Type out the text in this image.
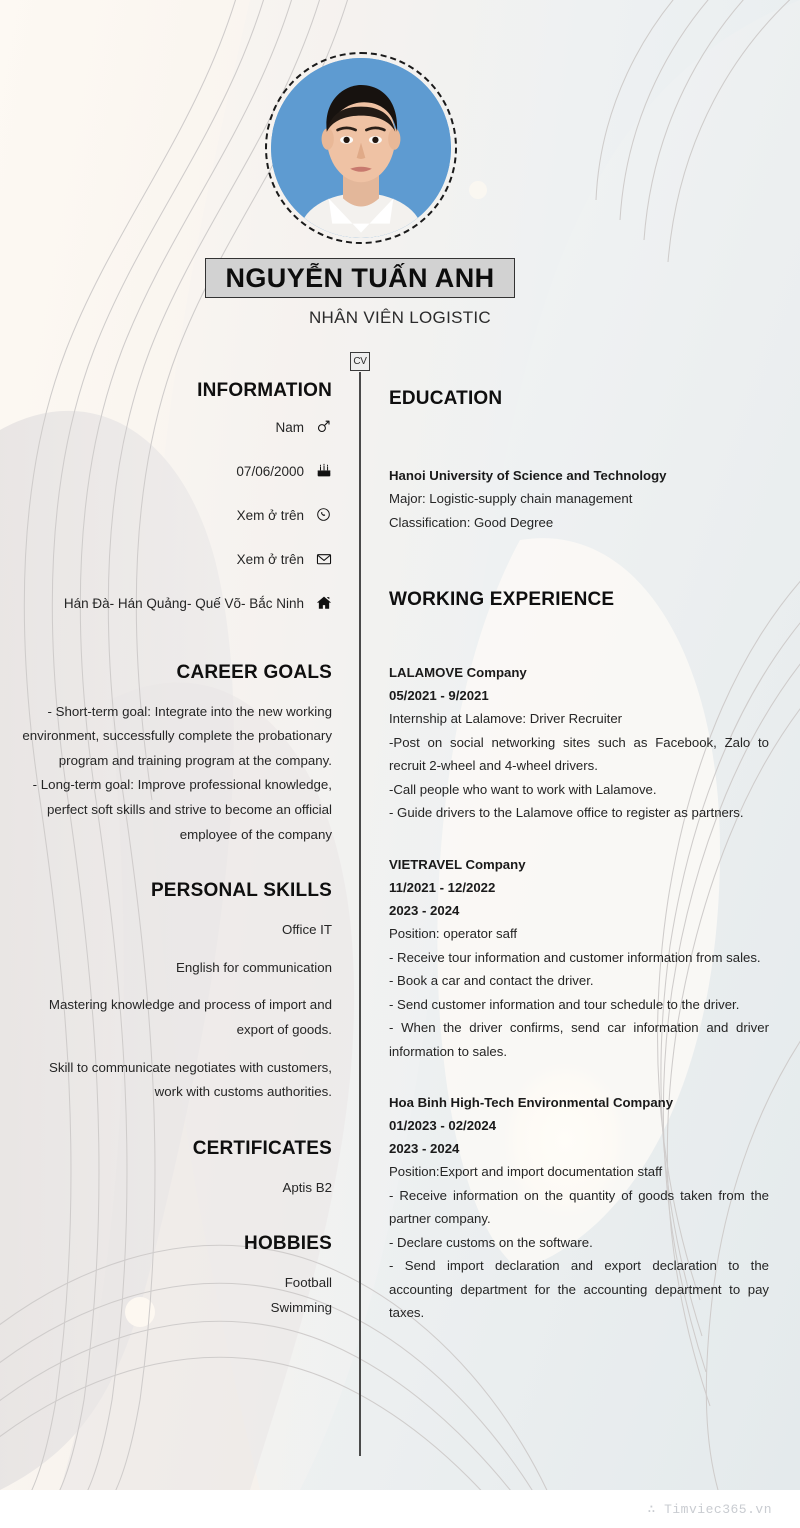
NGUYỄN TUẤN ANH
NHÂN VIÊN LOGISTIC
CV
INFORMATION
Nam
07/06/2000
Xem ở trên
Xem ở trên
Hán Đà- Hán Quảng- Quế Võ- Bắc Ninh
CAREER GOALS
- Short-term goal: Integrate into the new working environment, successfully complete the probationary program and training program at the company.
- Long-term goal: Improve professional knowledge, perfect soft skills and strive to become an official employee of the company
PERSONAL SKILLS
Office IT
English for communication
Mastering knowledge and process of import and export of goods.
Skill to communicate negotiates with customers, work with customs authorities.
CERTIFICATES
Aptis B2
HOBBIES
Football
Swimming
EDUCATION
Hanoi University of Science and Technology
Major: Logistic-supply chain management
Classification: Good Degree
WORKING EXPERIENCE
LALAMOVE Company
05/2021 - 9/2021
Internship at Lalamove: Driver Recruiter
-Post on social networking sites such as Facebook, Zalo to recruit 2-wheel and 4-wheel drivers.
-Call people who want to work with Lalamove.
- Guide drivers to the Lalamove office to register as partners.
VIETRAVEL Company
11/2021 - 12/2022
2023 - 2024
Position: operator saff
- Receive tour information and customer information from sales.
- Book a car and contact the driver.
- Send customer information and tour schedule to the driver.
- When the driver confirms, send car information and driver information to sales.
Hoa Binh High-Tech Environmental Company
01/2023 - 02/2024
2023 - 2024
Position:Export and import documentation staff
- Receive information on the quantity of goods taken from the partner company.
- Declare customs on the software.
- Send import declaration and export declaration to the accounting department for the accounting department to pay taxes.
∴ Timviec365.vn
